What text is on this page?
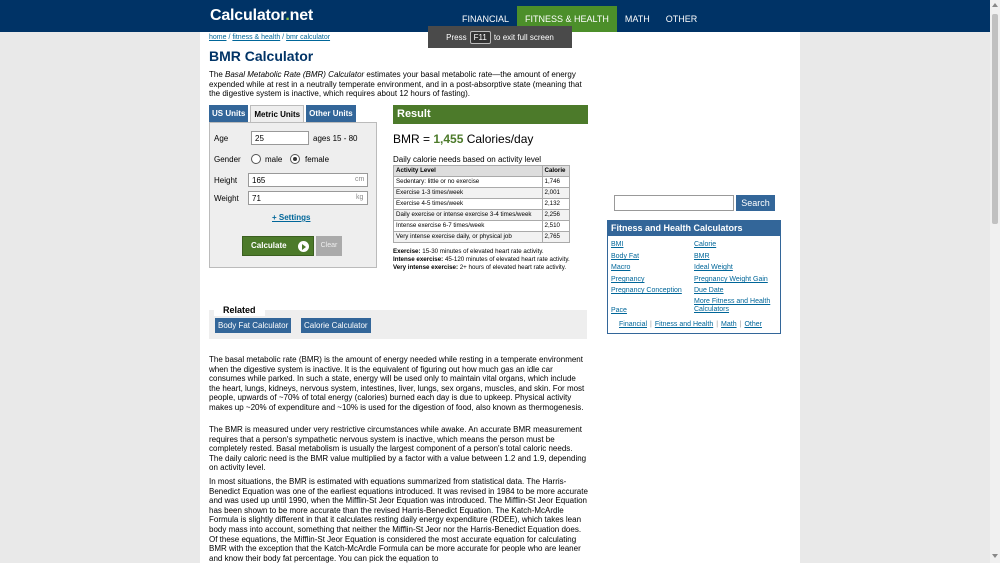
Calculator.net	FINANCIAL	FITNESS & HEALTH	MATH	OTHER
home / fitness & health / bmr calculator
BMR Calculator

The Basal Metabolic Rate (BMR) Calculator estimates your basal metabolic rate—the amount of energy expended while at rest in a neutrally temperate environment, and in a post-absorptive state (meaning that the digestive system is inactive, which requires about 12 hours of fasting).

US Units	Metric Units	Other Units
Age
25	ages 15 - 80
Gender	male	female
Height
165	cm
Weight
71	kg
+ Settings
Calculate	Clear
Result
BMR = 1,455 Calories/day
Daily calorie needs based on activity level
Activity Level	Calorie
Sedentary: little or no exercise	1,746
Exercise 1-3 times/week	2,001
Exercise 4-5 times/week	2,132
Daily exercise or intense exercise 3-4 times/week	2,256
Intense exercise 6-7 times/week	2,510
Very intense exercise daily, or physical job	2,765
Exercise: 15-30 minutes of elevated heart rate activity.
Intense exercise: 45-120 minutes of elevated heart rate activity.
Very intense exercise: 2+ hours of elevated heart rate activity.
Related
Body Fat Calculator	Calorie Calculator

The basal metabolic rate (BMR) is the amount of energy needed while resting in a temperate environment when the digestive system is inactive. It is the equivalent of figuring out how much gas an idle car consumes while parked. In such a state, energy will be used only to maintain vital organs, which include the heart, lungs, kidneys, nervous system, intestines, liver, lungs, sex organs, muscles, and skin. For most people, upwards of ~70% of total energy (calories) burned each day is due to upkeep. Physical activity makes up ~20% of expenditure and ~10% is used for the digestion of food, also known as thermogenesis.

The BMR is measured under very restrictive circumstances while awake. An accurate BMR measurement requires that a person's sympathetic nervous system is inactive, which means the person must be completely rested. Basal metabolism is usually the largest component of a person's total caloric needs. The daily caloric need is the BMR value multiplied by a factor with a value between 1.2 and 1.9, depending on activity level.

In most situations, the BMR is estimated with equations summarized from statistical data. The Harris-Benedict Equation was one of the earliest equations introduced. It was revised in 1984 to be more accurate and was used up until 1990, when the Mifflin-St Jeor Equation was introduced. The Mifflin-St Jeor Equation has been shown to be more accurate than the revised Harris-Benedict Equation. The Katch-McArdle Formula is slightly different in that it calculates resting daily energy expenditure (RDEE), which takes lean body mass into account, something that neither the Mifflin-St Jeor nor the Harris-Benedict Equation does. Of these equations, the Mifflin-St Jeor Equation is considered the most accurate equation for calculating BMR with the exception that the Katch-McArdle Formula can be more accurate for people who are leaner and know their body fat percentage. You can pick the equation to

Search
Fitness and Health Calculators
BMI
Body Fat
Macro
Pregnancy
Pregnancy Conception
Pace
Calorie
BMR
Ideal Weight
Pregnancy Weight Gain
Due Date
More Fitness and Health Calculators
Financial | Fitness and Health | Math | Other
Press F11 to exit full screen
